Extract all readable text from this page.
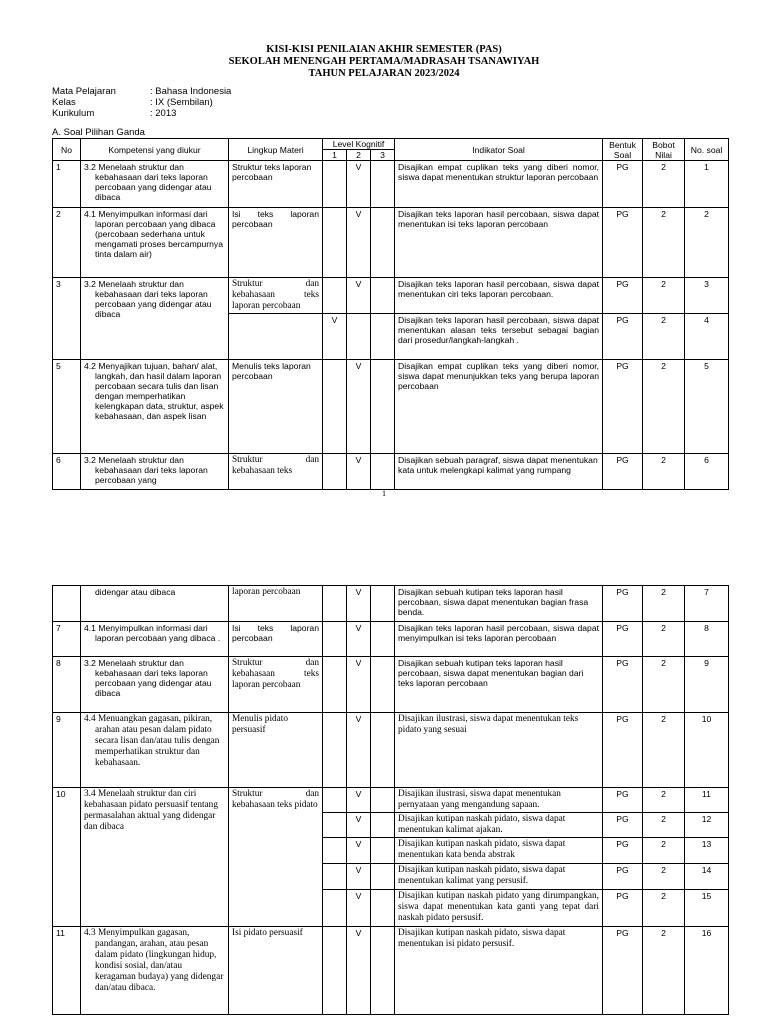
KISI-KISI PENILAIAN AKHIR SEMESTER (PAS)
SEKOLAH MENENGAH PERTAMA/MADRASAH TSANAWIYAH
TAHUN PELAJARAN 2023/2024
Mata Pelajaran	: Bahasa Indonesia
Kelas	: IX (Sembilan)
Kurikulum	: 2013
A. Soal Pilihan Ganda
No	Kompetensi yang diukur	Lingkup Materi	Level Kognitif			Indikator Soal	Bentuk Soal	Bobot Nilai	No. soal
			1	2	3				
1	3.2 Menelaah struktur dan kebahasaan dari teks laporan percobaan yang didengar atau dibaca	Struktur teks laporan percobaan		V		Disajikan empat cuplikan teks yang diberi nomor, siswa dapat menentukan struktur laporan percobaan	PG	2	1
2	4.1 Menyimpulkan informasi dari laporan percobaan yang dibaca (percobaan sederhana untuk mengamati proses bercampurnya tinta dalam air)	Isi teks laporan percobaan		V		Disajikan teks laporan hasil percobaan, siswa dapat menentukan isi teks laporan percobaan	PG	2	2
3	3.2 Menelaah struktur dan kebahasaan dari teks laporan percobaan yang didengar atau dibaca	Struktur dan kebahasaan teks laporan percobaan		V		Disajikan teks laporan hasil percobaan, siswa dapat menentukan ciri teks laporan percobaan.	PG	2	3
			V			Disajikan teks laporan hasil percobaan, siswa dapat menentukan alasan teks tersebut sebagai bagian dari prosedur/langkah-langkah .	PG	2	4
5	4.2 Menyajikan tujuan, bahan/ alat, langkah, dan hasil dalam laporan percobaan secara tulis dan lisan dengan memperhatikan kelengkapan data, struktur, aspek kebahasaan, dan aspek lisan	Menulis teks laporan percobaan		V		Disajikan empat cuplikan teks yang diberi nomor, siswa dapat menunjukkan teks yang berupa laporan percobaan	PG	2	5
6	3.2 Menelaah struktur dan kebahasaan dari teks laporan percobaan yang	Struktur dan kebahasaan teks		V		Disajikan sebuah paragraf, siswa dapat menentukan kata untuk melengkapi kalimat yang rumpang	PG	2	6
1
	didengar atau dibaca	laporan percobaan		V		Disajikan sebuah kutipan teks laporan hasil percobaan, siswa dapat menentukan bagian frasa benda.	PG	2	7
7	4.1 Menyimpulkan informasi dari laporan percobaan yang dibaca .	Isi teks laporan percobaan		V		Disajikan teks laporan hasil percobaan, siswa dapat menyimpulkan isi teks laporan percobaan	PG	2	8
8	3.2 Menelaah struktur dan kebahasaan dari teks laporan percobaan yang didengar atau dibaca	Struktur dan kebahasaan teks laporan percobaan		V		Disajikan sebuah kutipan teks laporan hasil percobaan, siswa dapat menentukan bagian dari teks laporan percobaan	PG	2	9
9	4.4 Menuangkan gagasan, pikiran, arahan atau pesan dalam pidato secara lisan dan/atau tulis dengan memperhatikan struktur dan kebahasaan.	Menulis pidato persuasif		V		Disajikan ilustrasi, siswa dapat menentukan teks pidato yang sesuai	PG	2	10
10	3.4 Menelaah struktur dan ciri kebahasaan pidato persuasif tentang permasalahan aktual yang didengar dan dibaca	Struktur dan kebahasaan teks pidato		V		Disajikan ilustrasi, siswa dapat menentukan pernyataan yang mengandung sapaan.	PG	2	11
				V		Disajikan kutipan naskah pidato, siswa dapat menentukan kalimat ajakan.	PG	2	12
				V		Disajikan kutipan naskah pidato, siswa dapat menentukan kata benda abstrak	PG	2	13
				V		Disajikan kutipan naskah pidato, siswa dapat menentukan kalimat yang persusif.	PG	2	14
				V		Disajikan kutipan naskah pidato yang dirumpangkan, siswa dapat menentukan kata ganti yang tepat dari naskah pidato persusif.	PG	2	15
11	4.3 Menyimpulkan gagasan, pandangan, arahan, atau pesan dalam pidato (lingkungan hidup, kondisi sosial, dan/atau keragaman budaya) yang didengar dan/atau dibaca.	Isi pidato persuasif		V		Disajikan kutipan naskah pidato, siswa dapat menentukan isi pidato persusif.	PG	2	16
